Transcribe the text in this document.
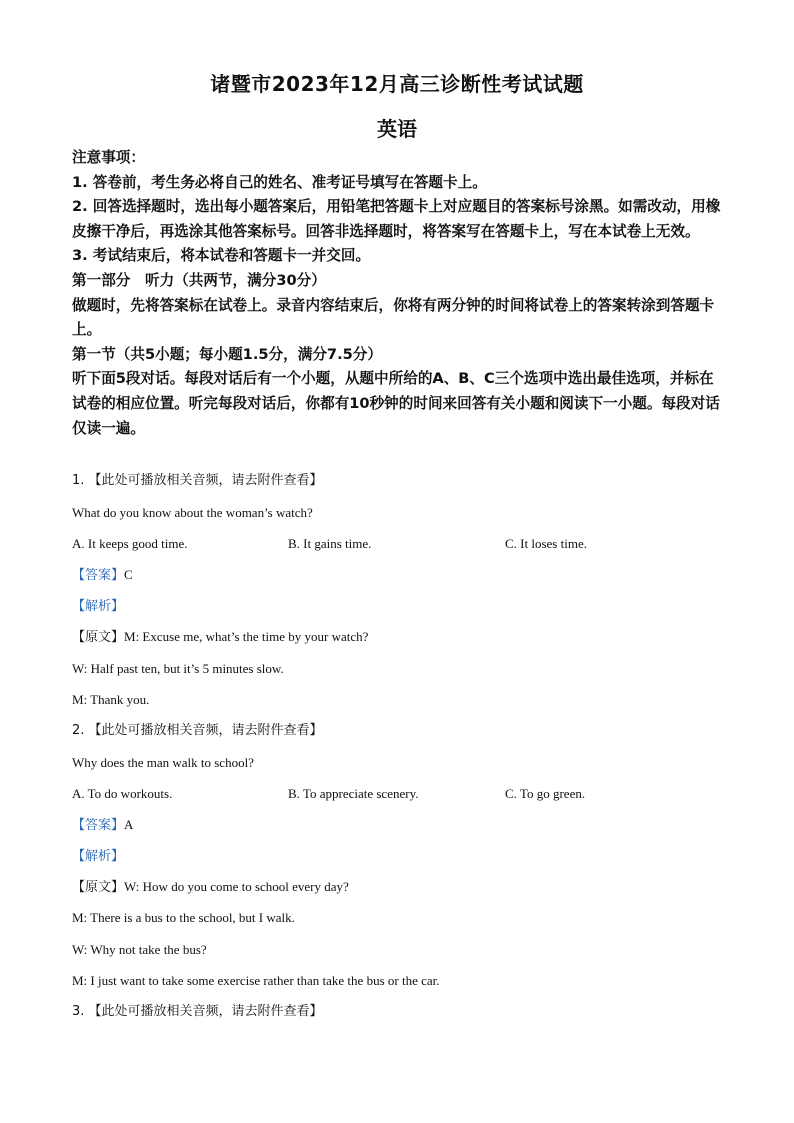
诸暨市2023年12月高三诊断性考试试题
英语

注意事项：

1. 答卷前，考生务必将自己的姓名、准考证号填写在答题卡上。

2. 回答选择题时，选出每小题答案后，用铅笔把答题卡上对应题目的答案标号涂黑。如需改动，用橡皮擦干净后，再选涂其他答案标号。回答非选择题时，将答案写在答题卡上，写在本试卷上无效。

3. 考试结束后，将本试卷和答题卡一并交回。

第一部分　听力（共两节，满分30分）

做题时，先将答案标在试卷上。录音内容结束后，你将有两分钟的时间将试卷上的答案转涂到答题卡上。

第一节（共5小题；每小题1.5分，满分7.5分）

听下面5段对话。每段对话后有一个小题，从题中所给的A、B、C三个选项中选出最佳选项，并标在试卷的相应位置。听完每段对话后，你都有10秒钟的时间来回答有关小题和阅读下一小题。每段对话仅读一遍。

1. 【此处可播放相关音频，请去附件查看】
What do you know about the woman’s watch?
A. It keeps good time.	B. It gains time.	C. It loses time.
【答案】C
【解析】
【原文】M: Excuse me, what’s the time by your watch?
W: Half past ten, but it’s 5 minutes slow.
M: Thank you.
2. 【此处可播放相关音频，请去附件查看】
Why does the man walk to school?
A. To do workouts.	B. To appreciate scenery.	C. To go green.
【答案】A
【解析】
【原文】W: How do you come to school every day?
M: There is a bus to the school, but I walk.
W: Why not take the bus?
M: I just want to take some exercise rather than take the bus or the car.
3. 【此处可播放相关音频，请去附件查看】
